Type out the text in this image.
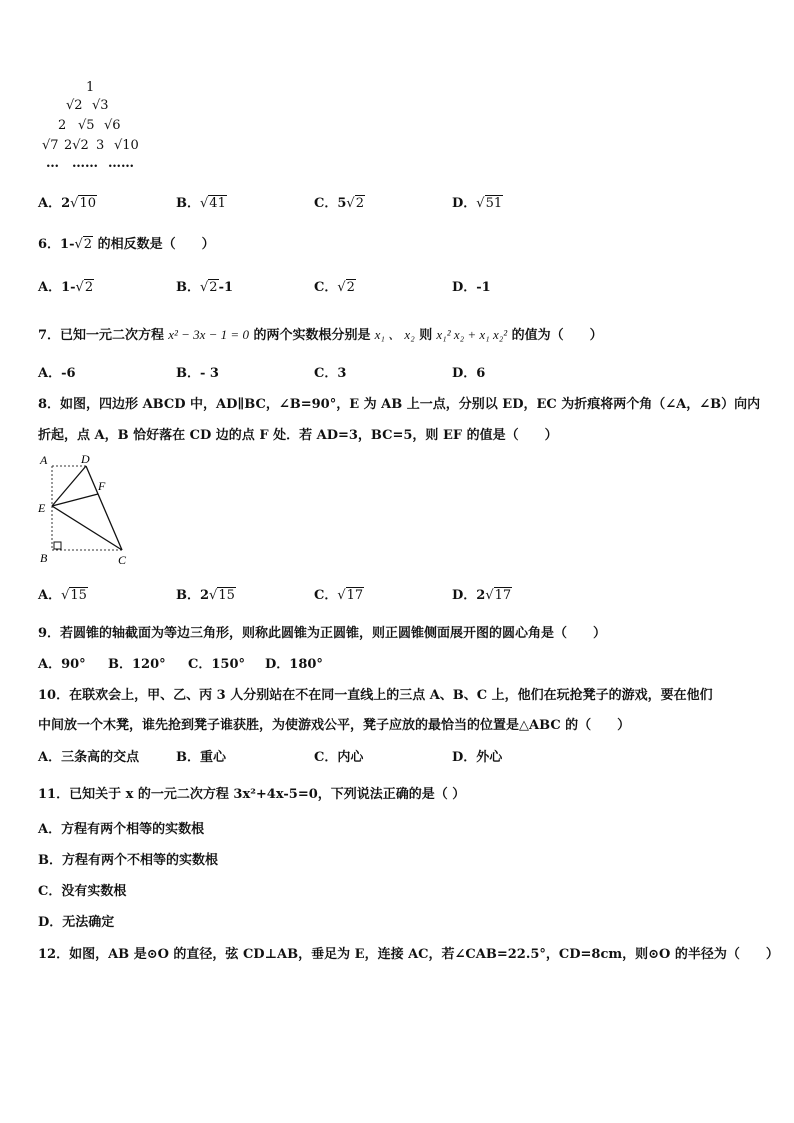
1
√2 √3
2 √5 √6
√7 2√2 3 √10
… …… ……
A．2√10	B．√41	C．5√2	D．√51
6．1-√2 的相反数是（　　）
A．1-√2	B．√2-1	C．√2	D．-1
7．已知一元二次方程 x² − 3x − 1 = 0 的两个实数根分别是 x₁ 、 x₂ 则 x₁² x₂ + x₁ x₂² 的值为（　　）
A．-6	B．- 3	C．3	D．6
8．如图，四边形 ABCD 中，AD∥BC，∠B=90°，E 为 AB 上一点，分别以 ED，EC 为折痕将两个角（∠A，∠B）向内
折起，点 A，B 恰好落在 CD 边的点 F 处．若 AD=3，BC=5，则 EF 的值是（　　）
A	D
F
E
B	C
A．√15	B．2√15	C．√17	D．2√17
9．若圆锥的轴截面为等边三角形，则称此圆锥为正圆锥，则正圆锥侧面展开图的圆心角是（　　）
A．90° B．120° C．150° D．180°
10．在联欢会上，甲、乙、丙 3 人分别站在不在同一直线上的三点 A、B、C 上，他们在玩抢凳子的游戏，要在他们
中间放一个木凳，谁先抢到凳子谁获胜，为使游戏公平，凳子应放的最恰当的位置是△ABC 的（　　）
A．三条高的交点	B．重心	C．内心	D．外心
11．已知关于 x 的一元二次方程 3x²+4x-5=0，下列说法正确的是（ ）
A．方程有两个相等的实数根
B．方程有两个不相等的实数根
C．没有实数根
D．无法确定
12．如图，AB 是⊙O 的直径，弦 CD⊥AB，垂足为 E，连接 AC，若∠CAB=22.5°，CD=8cm，则⊙O 的半径为（　　）
